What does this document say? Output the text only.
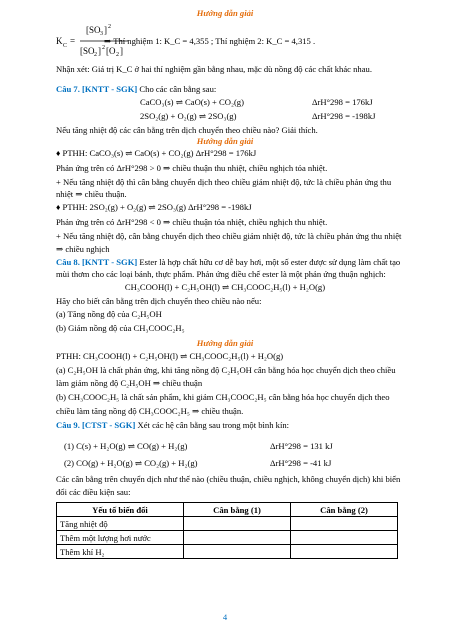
Hướng dẫn giải
K C =
[SO 3 ] 2
[SO 2 ] 2 [O 2 ]
⇒ Thí nghiệm 1: K_C = 4,355 ; Thí nghiệm 2: K_C = 4,315 .
Nhận xét: Giá trị K_C ở hai thí nghiệm gần bằng nhau, mặc dù nồng độ các chất khác nhau.
Câu 7. [KNTT - SGK] Cho các cân bằng sau:
CaCO₃(s) ⇌ CaO(s) + CO₂(g)	ΔrH°298 = 176kJ
2SO₂(g) + O₂(g) ⇌ 2SO₃(g)	ΔrH°298 = -198kJ
Nếu tăng nhiệt độ các cân bằng trên dịch chuyển theo chiều nào? Giải thích.
Hướng dẫn giải
♦ PTHH: CaCO₃(s) ⇌ CaO(s) + CO₂(g) ΔrH°298 = 176kJ
Phản ứng trên có ΔrH°298 > 0 ⇒ chiều thuận thu nhiệt, chiều nghịch tỏa nhiệt.
+ Nếu tăng nhiệt độ thì cân bằng chuyển dịch theo chiều giảm nhiệt độ, tức là chiều phản ứng thu
nhiệt ⇒ chiều thuận.
♦ PTHH: 2SO₂(g) + O₂(g) ⇌ 2SO₃(g) ΔrH°298 = -198kJ
Phản ứng trên có ΔrH°298 < 0 ⇒ chiều thuận tỏa nhiệt, chiều nghịch thu nhiệt.
+ Nếu tăng nhiệt độ, cân bằng chuyển dịch theo chiều giảm nhiệt độ, tức là chiều phản ứng thu nhiệt
⇒ chiều nghịch
Câu 8. [KNTT - SGK] Ester là hợp chất hữu cơ dễ bay hơi, một số ester được sử dụng làm chất tạo
mùi thơm cho các loại bánh, thực phẩm. Phản ứng điều chế ester là một phản ứng thuận nghịch:
CH₃COOH(l) + C₂H₅OH(l) ⇌ CH₃COOC₂H₅(l) + H₂O(g)
Hãy cho biết cân bằng trên dịch chuyển theo chiều nào nếu:
(a) Tăng nồng độ của C₂H₅OH
(b) Giảm nồng độ của CH₃COOC₂H₅
Hướng dẫn giải
PTHH: CH₃COOH(l) + C₂H₅OH(l) ⇌ CH₃COOC₂H₅(l) + H₂O(g)
(a) C₂H₅OH là chất phản ứng, khi tăng nồng độ C₂H₅OH cân bằng hóa học chuyển dịch theo chiều
làm giảm nồng độ C₂H₅OH ⇒ chiều thuận
(b) CH₃COOC₂H₅ là chất sản phẩm, khi giảm CH₃COOC₂H₅ cân bằng hóa học chuyển dịch theo
chiều làm tăng nồng độ CH₃COOC₂H₅ ⇒ chiều thuận.
Câu 9. [CTST - SGK] Xét các hệ cân bằng sau trong một bình kín:
(1) C(s) + H₂O(g) ⇌ CO(g) + H₂(g)	ΔrH°298 = 131 kJ
(2) CO(g) + H₂O(g) ⇌ CO₂(g) + H₂(g)	ΔrH°298 = -41 kJ
Các cân bằng trên chuyển dịch như thế nào (chiều thuận, chiều nghịch, không chuyển dịch) khi biến
đổi các điều kiện sau:
Yếu tố biến đổi	Cân bằng (1)	Cân bằng (2)
Tăng nhiệt độ		
Thêm một lượng hơi nước		
Thêm khí H₂		
4
